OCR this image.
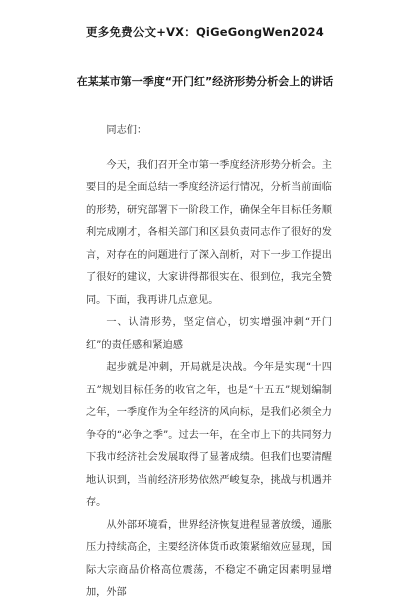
更多免费公文+VX：QiGeGongWen2024
在某某市第一季度“开门红”经济形势分析会上的讲话

同志们：

今天，我们召开全市第一季度经济形势分析会。主要目的是全面总结一季度经济运行情况，分析当前面临的形势，研究部署下一阶段工作，确保全年目标任务顺利完成刚才，各相关部门和区县负责同志作了很好的发言，对存在的问题进行了深入剖析，对下一步工作提出了很好的建议，大家讲得都很实在、很到位，我完全赞同。下面，我再讲几点意见。

一、认清形势，坚定信心，切实增强冲刺“开门红”的责任感和紧迫感

起步就是冲刺，开局就是决战。今年是实现“十四五”规划目标任务的收官之年，也是“十五五”规划编制之年，一季度作为全年经济的风向标，是我们必须全力争夺的“必争之季”。过去一年，在全市上下的共同努力下我市经济社会发展取得了显著成绩。但我们也要清醒地认识到，当前经济形势依然严峻复杂，挑战与机遇并存。

从外部环境看，世界经济恢复进程显著放缓，通胀压力持续高企，主要经济体货币政策紧缩效应显现，国际大宗商品价格高位震荡，不稳定不确定因素明显增加，外部
